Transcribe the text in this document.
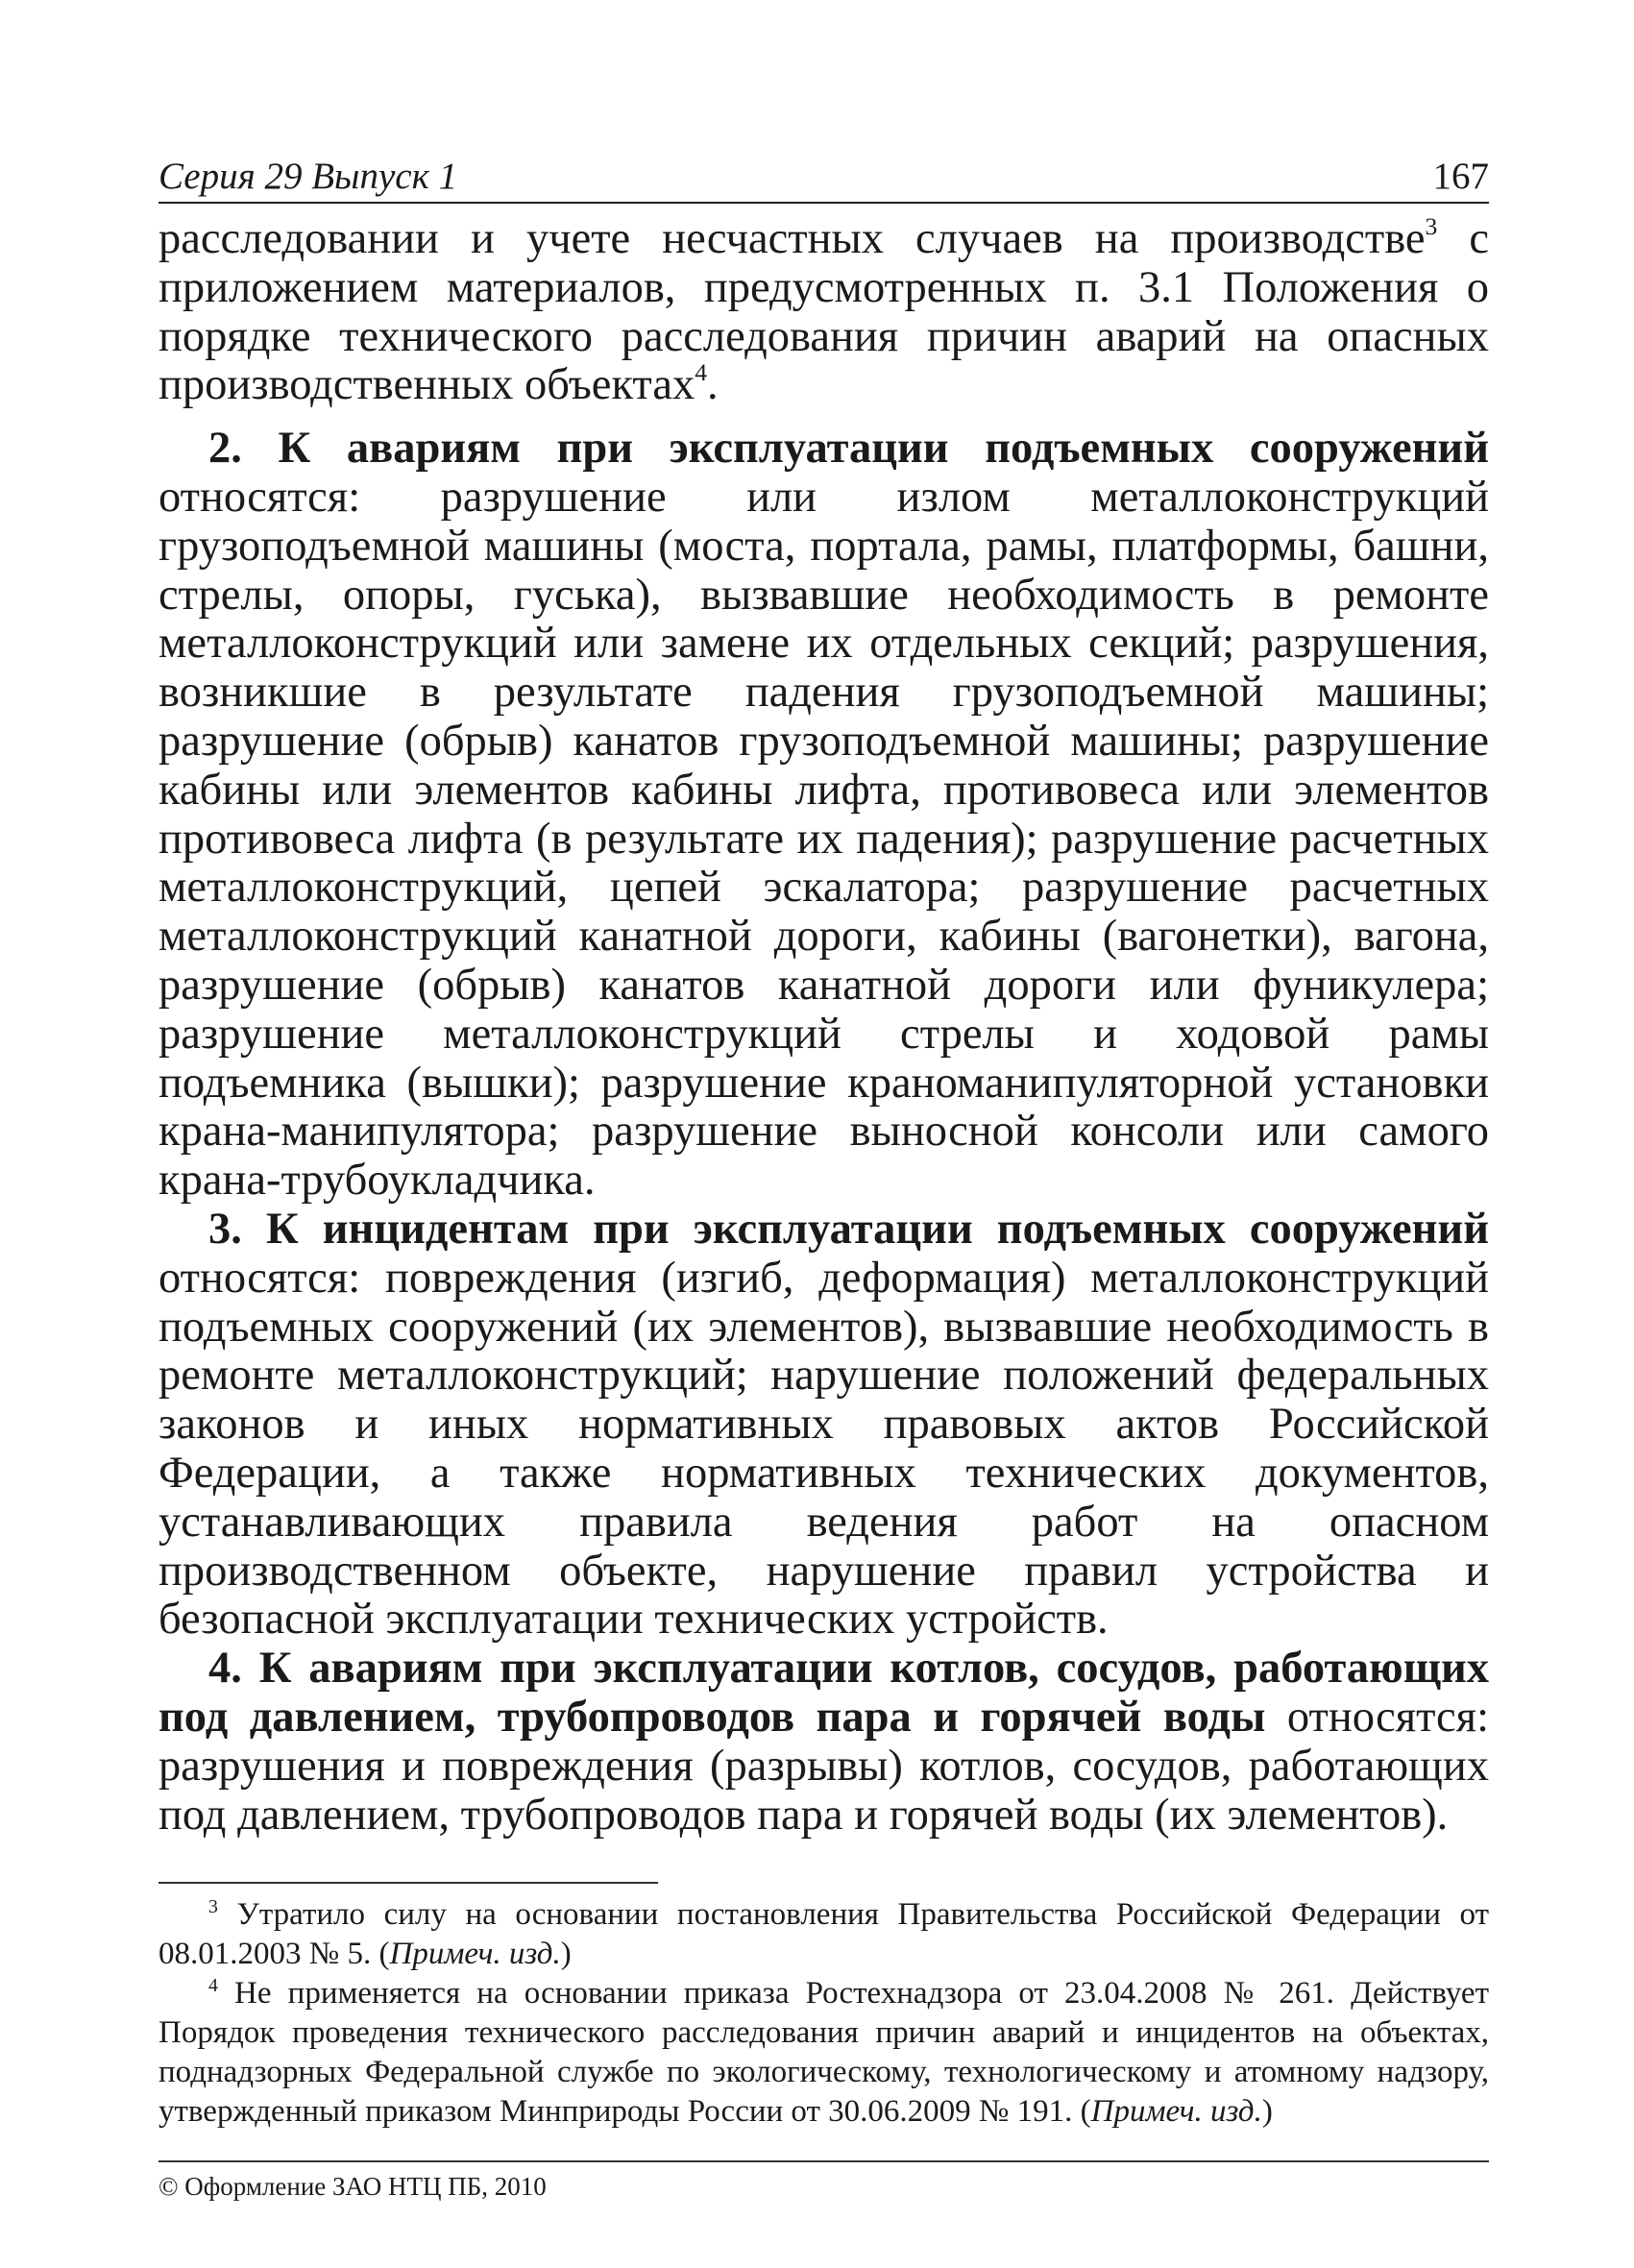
Серия 29 Выпуск 1	167

расследовании и учете несчастных случаев на производстве$^3$ с приложением материалов, предусмотренных п. 3.1 Положения о порядке технического расследования причин аварий на опасных производственных объектах$^4$.

2. К авариям при эксплуатации подъемных сооружений относятся: разрушение или излом металлоконструкций грузоподъемной машины (моста, портала, рамы, платформы, башни, стрелы, опоры, гуська), вызвавшие необходимость в ремонте металлоконструкций или замене их отдельных секций; разрушения, возникшие в результате падения грузоподъемной машины; разрушение (обрыв) канатов грузоподъемной машины; разрушение кабины или элементов кабины лифта, противовеса или элементов противовеса лифта (в результате их падения); разрушение расчетных металлоконструкций, цепей эскалатора; разрушение расчетных металлоконструкций канатной дороги, кабины (вагонетки), вагона, разрушение (обрыв) канатов канатной дороги или фуникулера; разрушение металлоконструкций стрелы и ходовой рамы подъемника (вышки); разрушение краноманипуляторной установки крана-манипулятора; разрушение выносной консоли или самого крана-трубоукладчика.

3. К инцидентам при эксплуатации подъемных сооружений относятся: повреждения (изгиб, деформация) металлоконструкций подъемных сооружений (их элементов), вызвавшие необходимость в ремонте металлоконструкций; нарушение положений федеральных законов и иных нормативных правовых актов Российской Федерации, а также нормативных технических документов, устанавливающих правила ведения работ на опасном производственном объекте, нарушение правил устройства и безопасной эксплуатации технических устройств.

4. К авариям при эксплуатации котлов, сосудов, работающих под давлением, трубопроводов пара и горячей воды относятся: разрушения и повреждения (разрывы) котлов, сосудов, работающих под давлением, трубопроводов пара и горячей воды (их элементов).

$^3$ Утратило силу на основании постановления Правительства Российской Федерации от 08.01.2003 № 5. (Примеч. изд.)

$^4$ Не применяется на основании приказа Ростехнадзора от 23.04.2008 № 261. Действует Порядок проведения технического расследования причин аварий и инцидентов на объектах, поднадзорных Федеральной службе по экологическому, технологическому и атомному надзору, утвержденный приказом Минприроды России от 30.06.2009 № 191. (Примеч. изд.)

© Оформление ЗАО НТЦ ПБ, 2010
